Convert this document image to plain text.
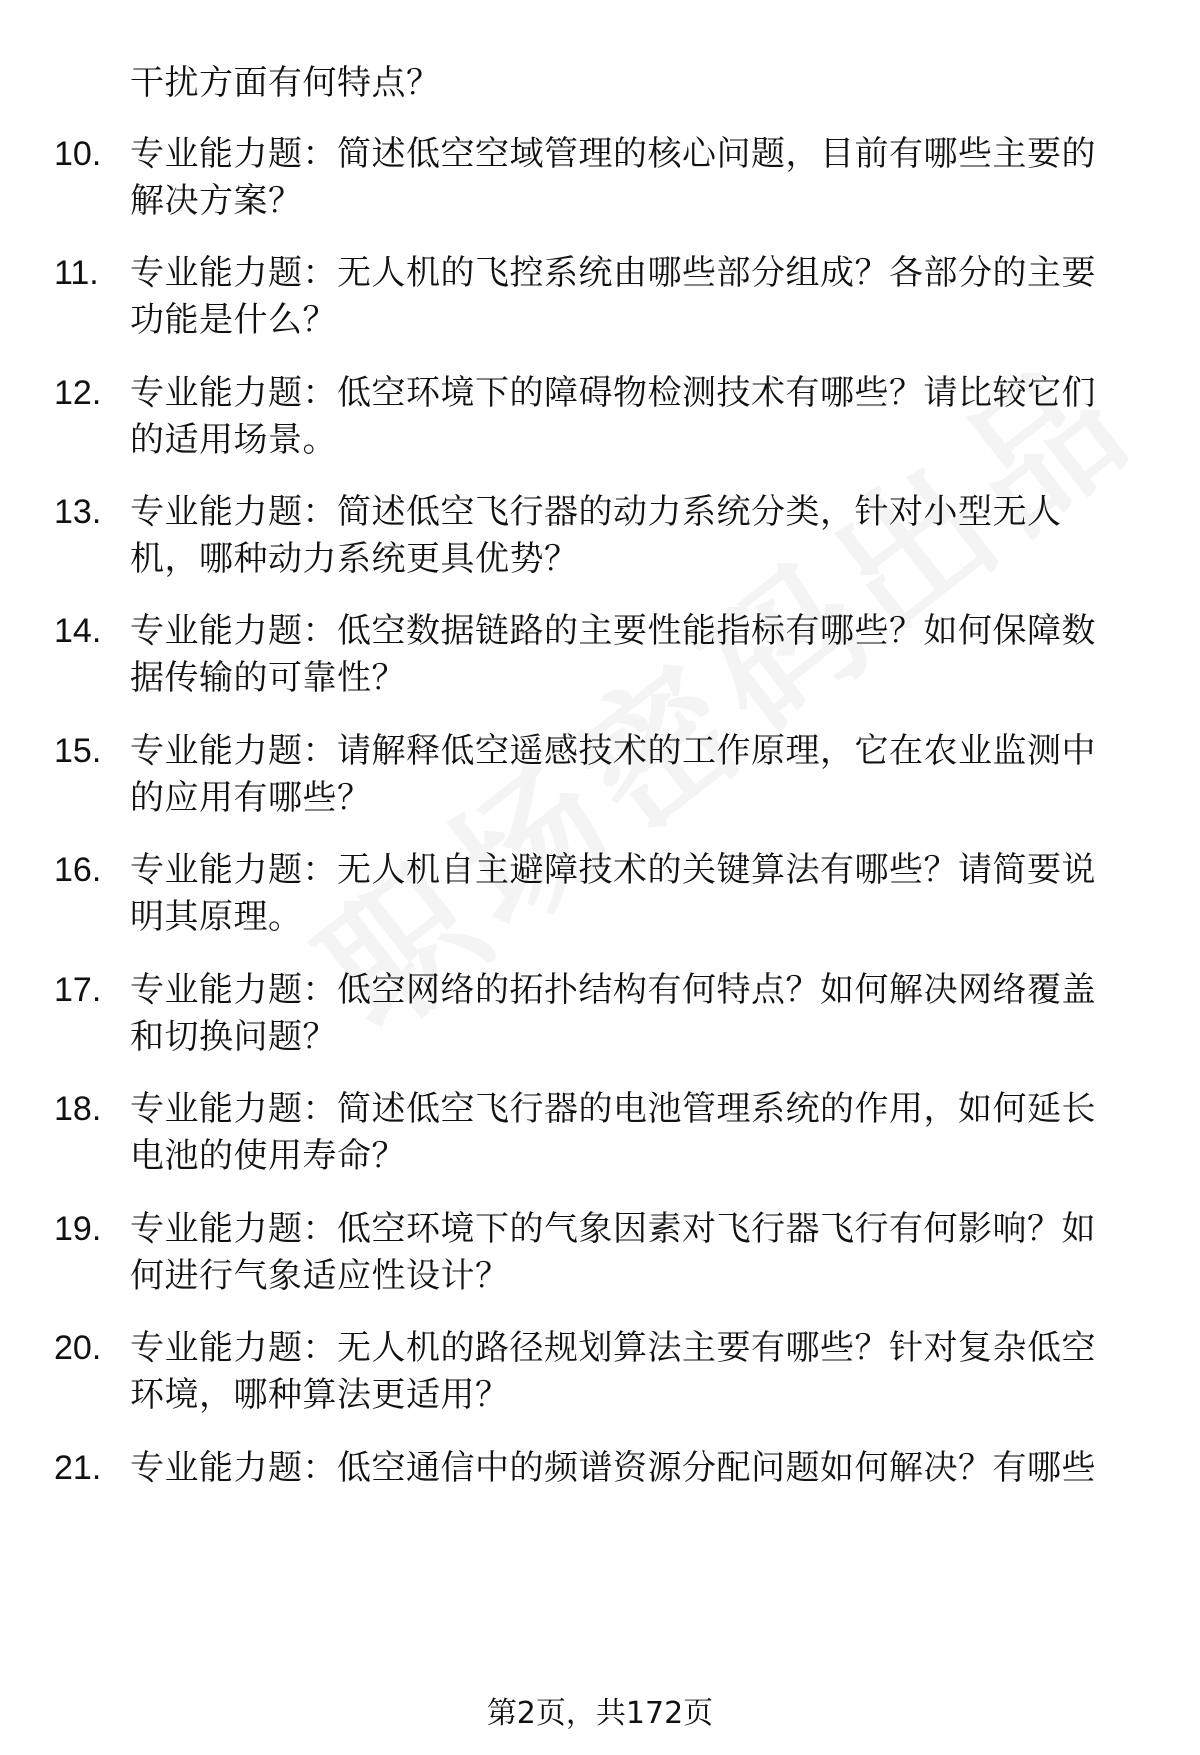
干扰方面有何特点？
10. 专业能力题：简述低空空域管理的核心问题，目前有哪些主要的
解决方案？
11. 专业能力题：无人机的飞控系统由哪些部分组成？各部分的主要
功能是什么？
12. 专业能力题：低空环境下的障碍物检测技术有哪些？请比较它们
的适用场景。
13. 专业能力题：简述低空飞行器的动力系统分类，针对小型无人
机，哪种动力系统更具优势？
14. 专业能力题：低空数据链路的主要性能指标有哪些？如何保障数
据传输的可靠性？
15. 专业能力题：请解释低空遥感技术的工作原理，它在农业监测中
的应用有哪些？
16. 专业能力题：无人机自主避障技术的关键算法有哪些？请简要说
明其原理。
17. 专业能力题：低空网络的拓扑结构有何特点？如何解决网络覆盖
和切换问题？
18. 专业能力题：简述低空飞行器的电池管理系统的作用，如何延长
电池的使用寿命？
19. 专业能力题：低空环境下的气象因素对飞行器飞行有何影响？如
何进行气象适应性设计？
20. 专业能力题：无人机的路径规划算法主要有哪些？针对复杂低空
环境，哪种算法更适用？
21. 专业能力题：低空通信中的频谱资源分配问题如何解决？有哪些
第2页，共172页
